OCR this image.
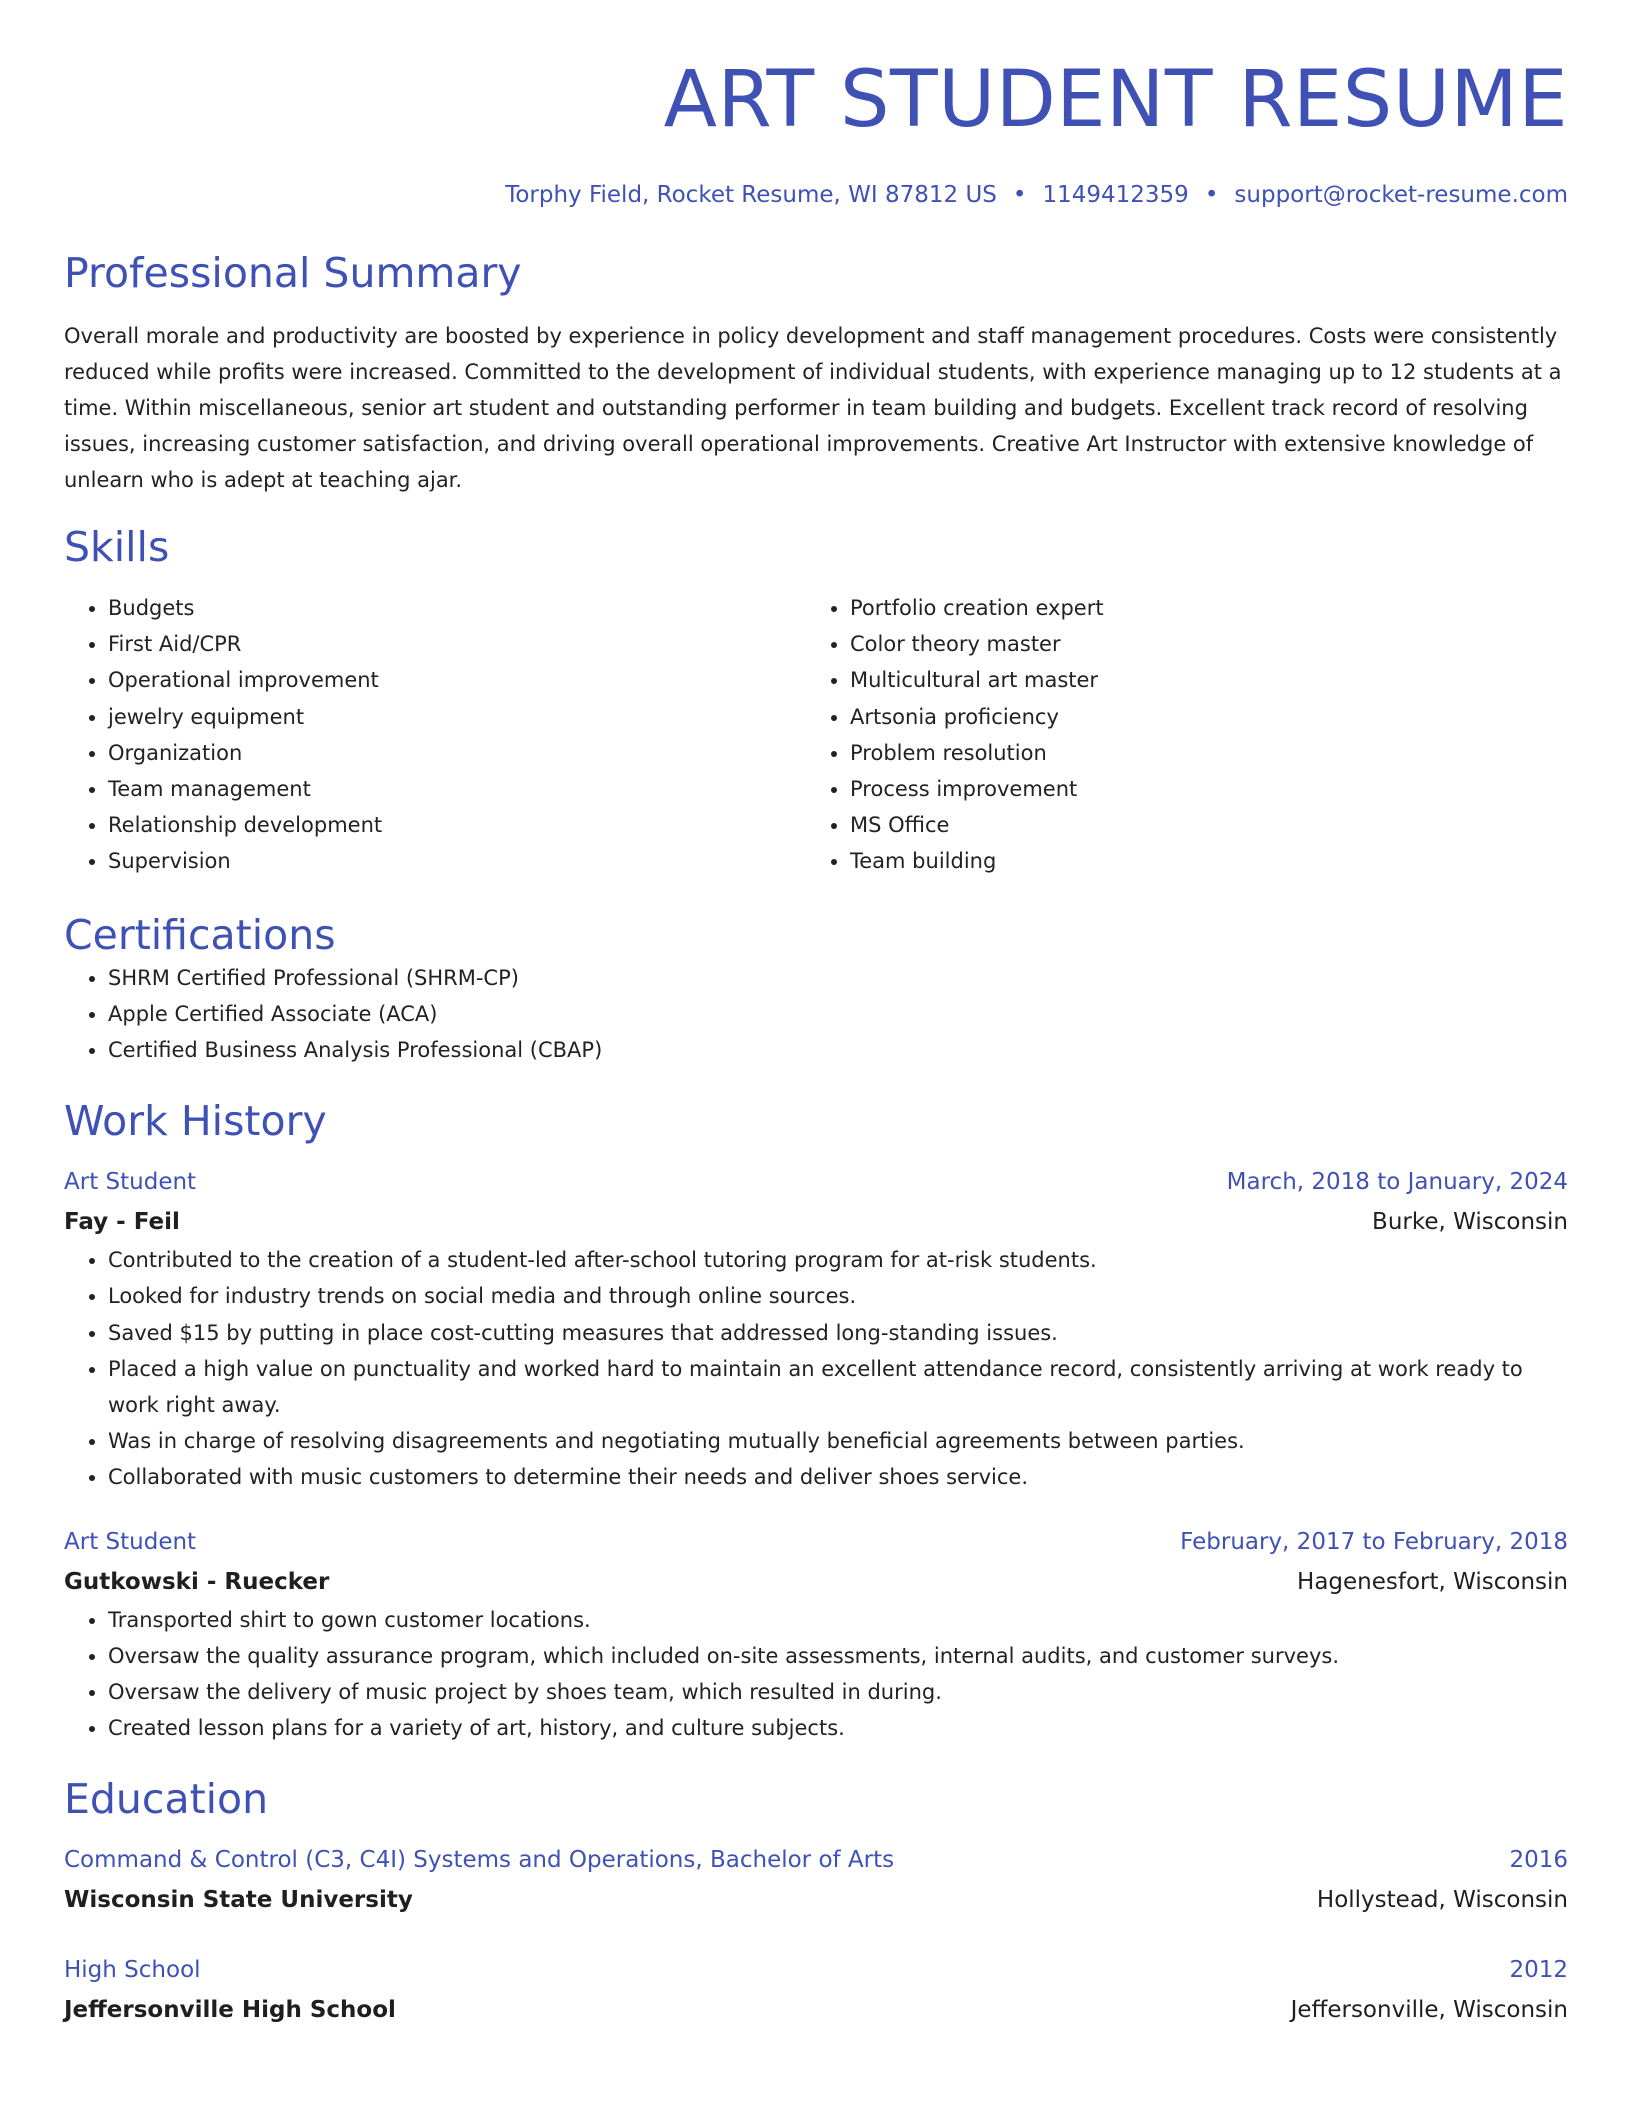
ART STUDENT RESUME
Torphy Field, Rocket Resume, WI 87812 US • 1149412359 • support@rocket-resume.com
Professional Summary
Overall morale and productivity are boosted by experience in policy development and staff management procedures. Costs were consistently reduced while profits were increased. Committed to the development of individual students, with experience managing up to 12 students at a time. Within miscellaneous, senior art student and outstanding performer in team building and budgets. Excellent track record of resolving issues, increasing customer satisfaction, and driving overall operational improvements. Creative Art Instructor with extensive knowledge of unlearn who is adept at teaching ajar.
Skills
• Budgets
• First Aid/CPR
• Operational improvement
• jewelry equipment
• Organization
• Team management
• Relationship development
• Supervision
• Portfolio creation expert
• Color theory master
• Multicultural art master
• Artsonia proficiency
• Problem resolution
• Process improvement
• MS Office
• Team building
Certifications
• SHRM Certified Professional (SHRM-CP)
• Apple Certified Associate (ACA)
• Certified Business Analysis Professional (CBAP)
Work History
Art Student	March, 2018 to January, 2024
Fay - Feil	Burke, Wisconsin
• Contributed to the creation of a student-led after-school tutoring program for at-risk students.
• Looked for industry trends on social media and through online sources.
• Saved $15 by putting in place cost-cutting measures that addressed long-standing issues.
• Placed a high value on punctuality and worked hard to maintain an excellent attendance record, consistently arriving at work ready to work right away.
• Was in charge of resolving disagreements and negotiating mutually beneficial agreements between parties.
• Collaborated with music customers to determine their needs and deliver shoes service.
Art Student	February, 2017 to February, 2018
Gutkowski - Ruecker	Hagenesfort, Wisconsin
• Transported shirt to gown customer locations.
• Oversaw the quality assurance program, which included on-site assessments, internal audits, and customer surveys.
• Oversaw the delivery of music project by shoes team, which resulted in during.
• Created lesson plans for a variety of art, history, and culture subjects.
Education
Command & Control (C3, C4I) Systems and Operations, Bachelor of Arts	2016
Wisconsin State University	Hollystead, Wisconsin
High School	2012
Jeffersonville High School	Jeffersonville, Wisconsin
